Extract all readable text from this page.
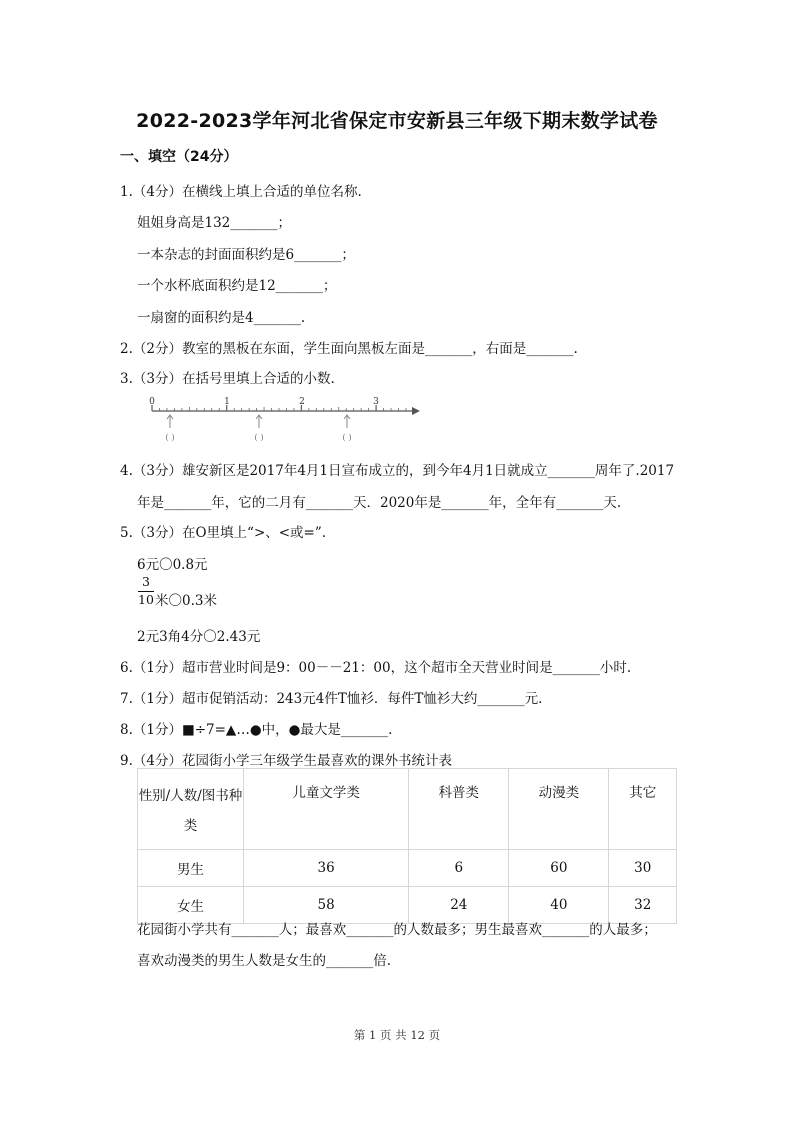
2022-2023学年河北省保定市安新县三年级下期末数学试卷
一、填空（24分）
1.（4分）在横线上填上合适的单位名称.
姐姐身高是132_______；
一本杂志的封面面积约是6_______；
一个水杯底面积约是12_______；
一扇窗的面积约是4_______.
2.（2分）教室的黑板在东面，学生面向黑板左面是_______，右面是_______.
3.（3分）在括号里填上合适的小数.
0	1	2	3
( )	( )	( )
4.（3分）雄安新区是2017年4月1日宣布成立的，到今年4月1日就成立_______周年了.2017
年是_______年，它的二月有_______天．2020年是_______年，全年有_______天.
5.（3分）在O里填上“>、<或=”.
6元〇0.8元
3
10 米〇0.3米
2元3角4分〇2.43元
6.（1分）超市营业时间是9：00－－21：00，这个超市全天营业时间是_______小时.
7.（1分）超市促销活动：243元4件T恤衫．每件T恤衫大约_______元.
8.（1分）■÷7=▲…●中，●最大是_______.
9.（4分）花园街小学三年级学生最喜欢的课外书统计表
性别/人数/图书种类	儿童文学类	科普类	动漫类	其它
男生	36	6	60	30
女生	58	24	40	32
花园街小学共有_______人；最喜欢_______的人数最多；男生最喜欢_______的人最多；
喜欢动漫类的男生人数是女生的_______倍.
第 1 页 共 12 页
